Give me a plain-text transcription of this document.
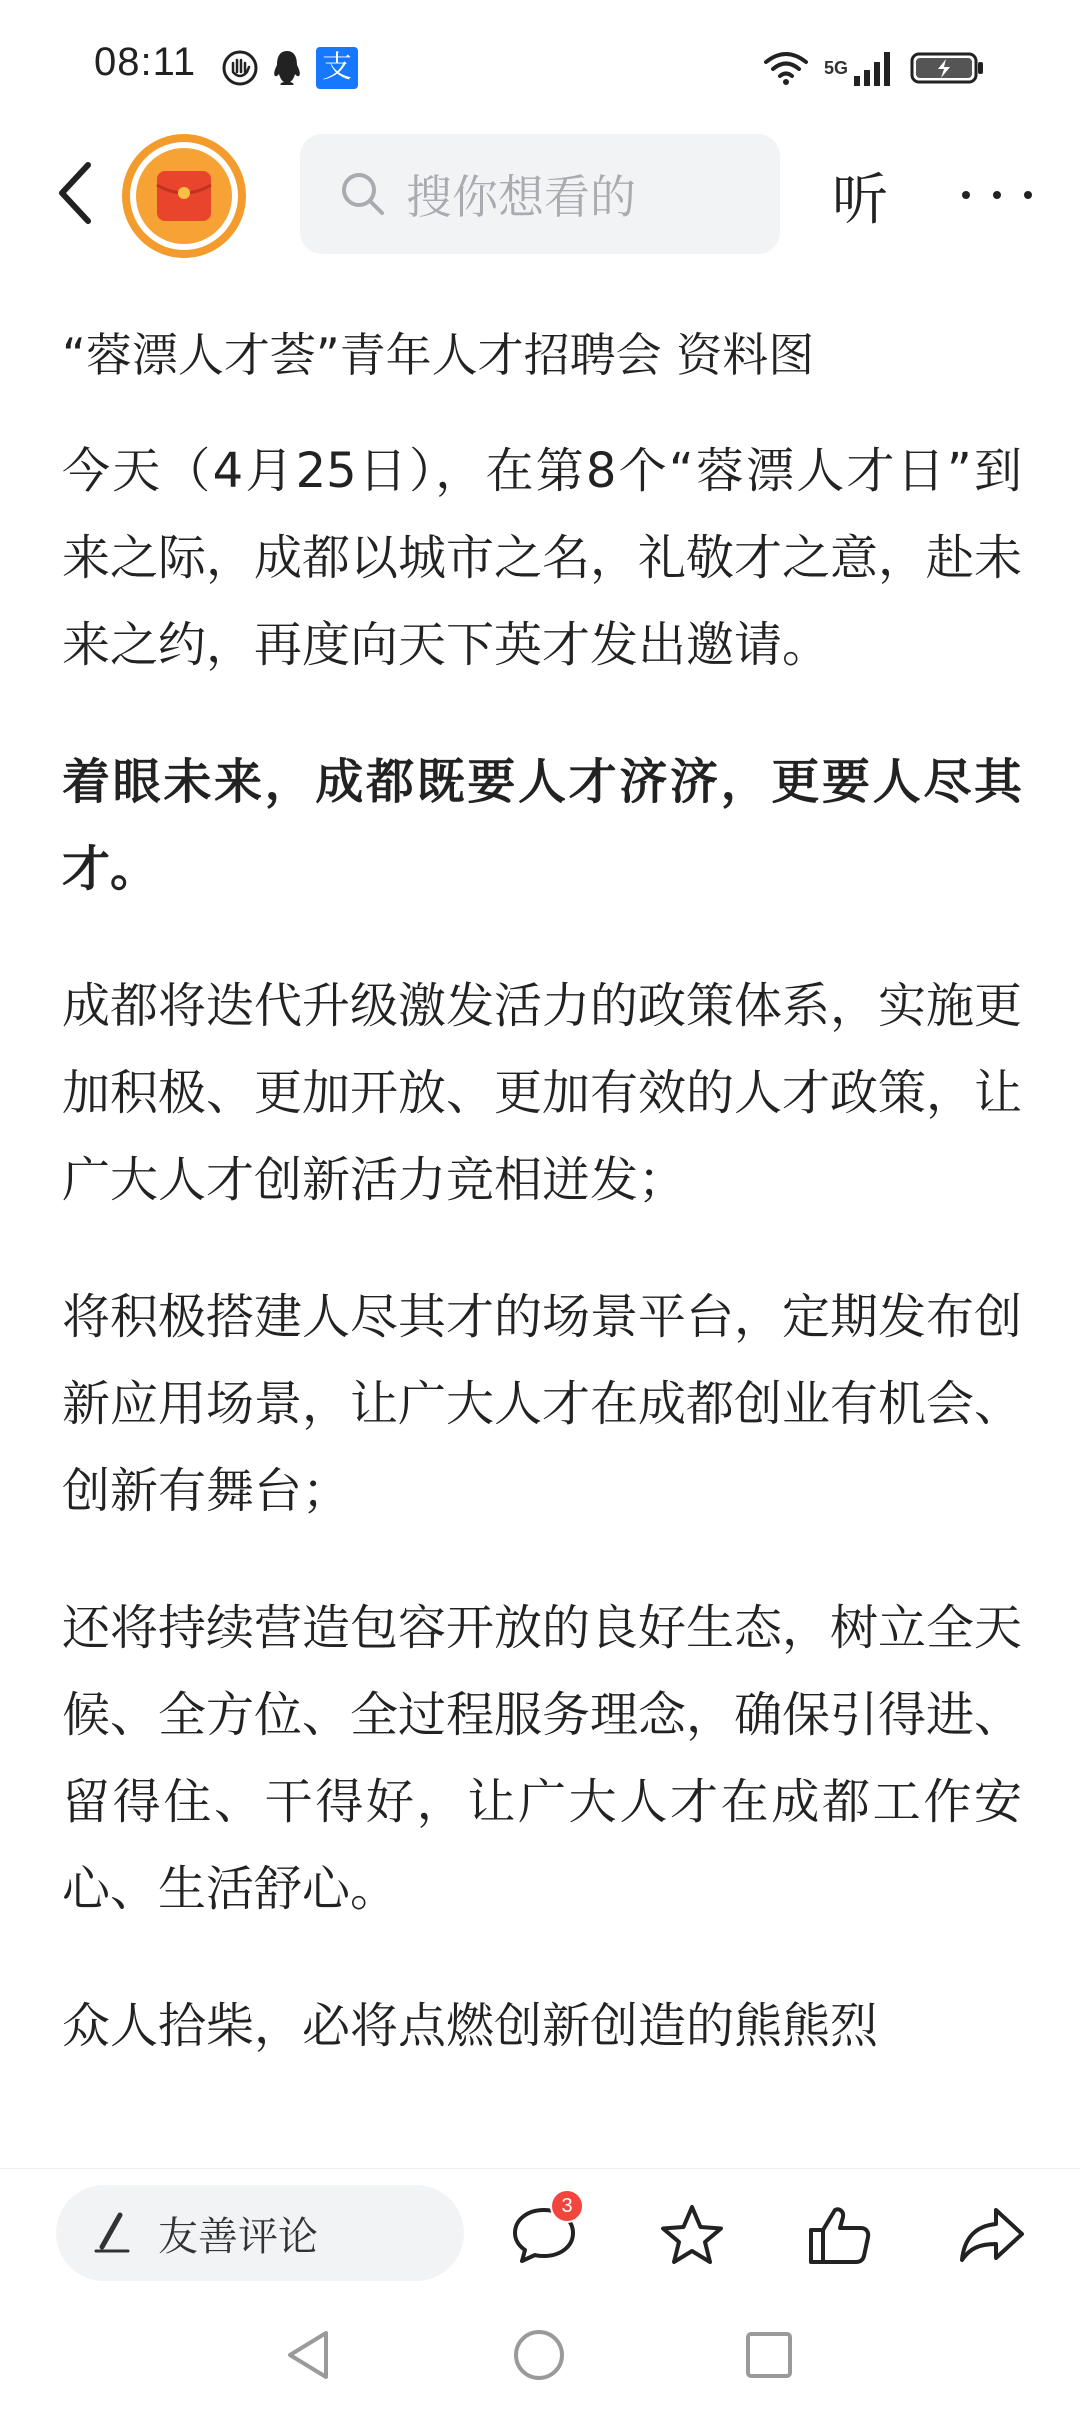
08:11	支	5G
搜你想看的	听

“蓉漂人才荟”青年人才招聘会 资料图

今天（4月25日），在第8个“蓉漂人才日”到来之际，成都以城市之名，礼敬才之意，赴未来之约，再度向天下英才发出邀请。

着眼未来，成都既要人才济济，更要人尽其才。

成都将迭代升级激发活力的政策体系，实施更加积极、更加开放、更加有效的人才政策，让广大人才创新活力竞相迸发；

将积极搭建人尽其才的场景平台，定期发布创新应用场景，让广大人才在成都创业有机会、创新有舞台；

还将持续营造包容开放的良好生态，树立全天候、全方位、全过程服务理念，确保引得进、留得住、干得好，让广大人才在成都工作安心、生活舒心。

众人拾柴，必将点燃创新创造的熊熊烈

友善评论
3
